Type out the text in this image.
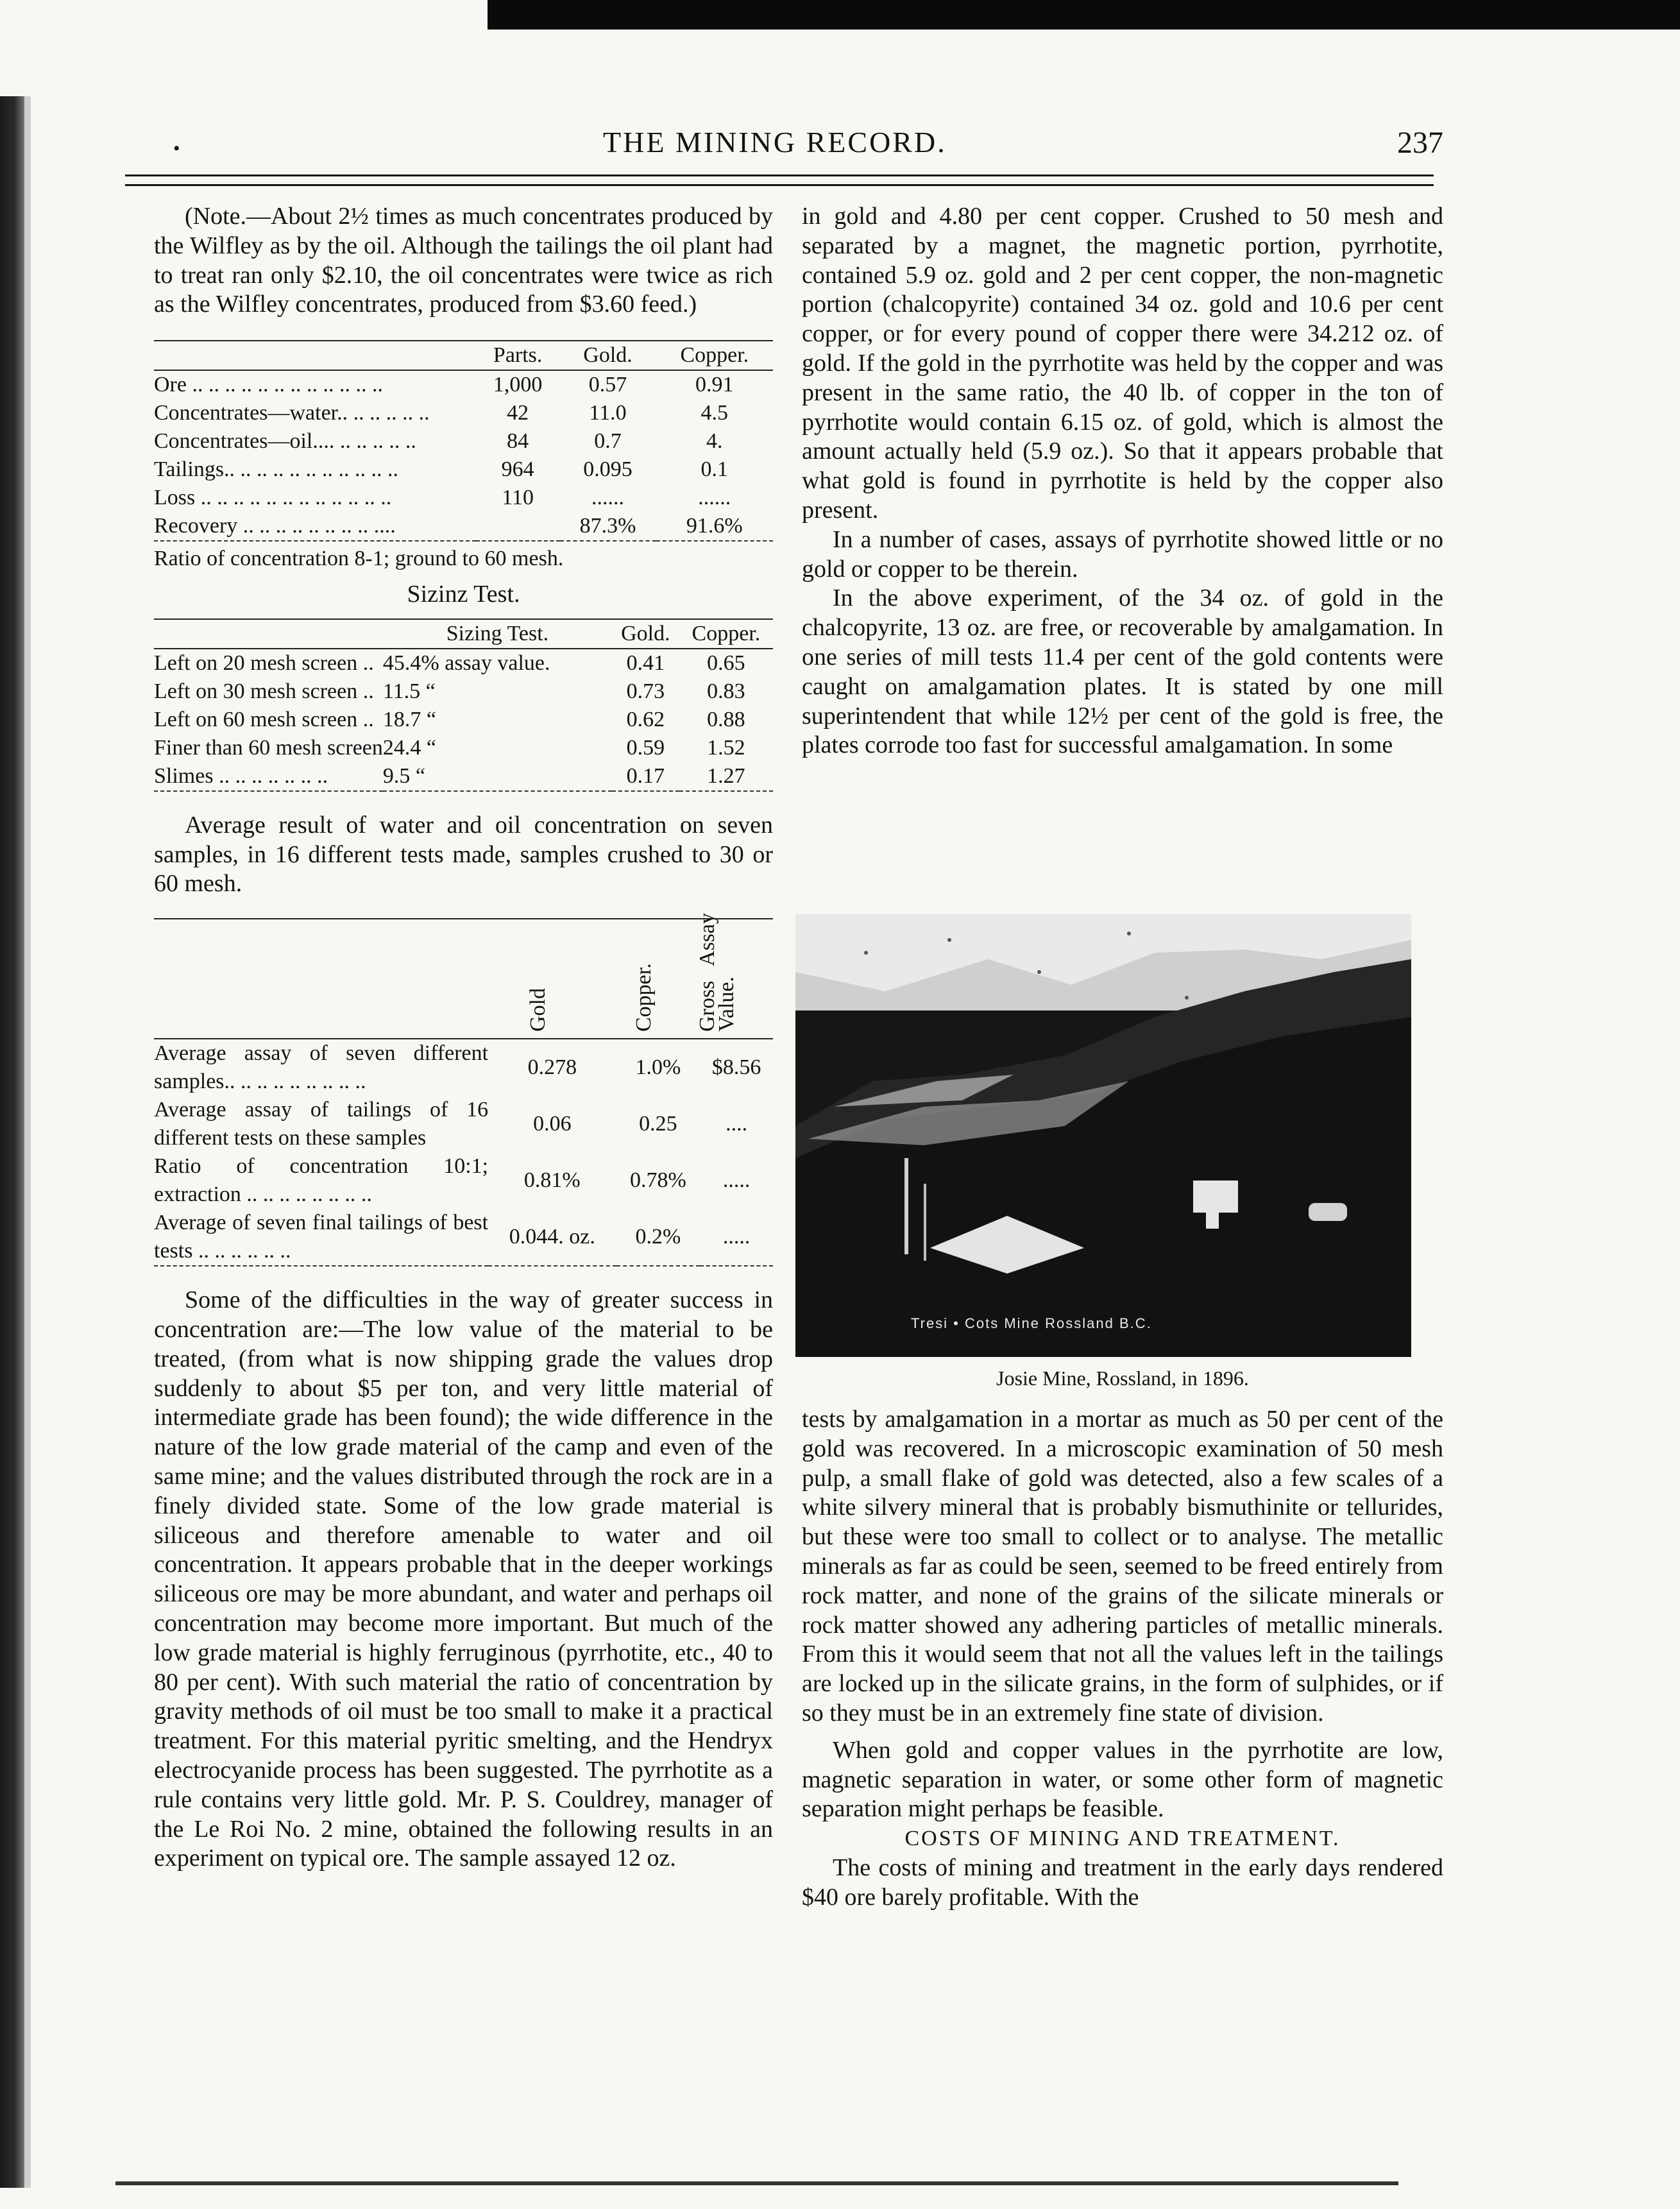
•	THE MINING RECORD.	237

(Note.—About 2½ times as much concentrates produced by the Wilfley as by the oil. Although the tailings the oil plant had to treat ran only $2.10, the oil concentrates were twice as rich as the Wilfley concentrates, produced from $3.60 feed.)

	Parts.	Gold.	Copper.
Ore .. .. .. .. .. .. .. .. .. .. .. ..	1,000	0.57	0.91
Concentrates—water.. .. .. .. .. ..	42	11.0	4.5
Concentrates—oil.... .. .. .. .. ..	84	0.7	4.
Tailings.. .. .. .. .. .. .. .. .. .. ..	964	0.095	0.1
Loss .. .. .. .. .. .. .. .. .. .. .. ..	110	......	......
Recovery .. .. .. .. .. .. .. .. ....		87.3%	91.6%

Ratio of concentration 8-1; ground to 60 mesh.

Sizinz Test.

	Sizing Test.	Gold.	Copper.
Left on 20 mesh screen ..	45.4% assay value.	0.41	0.65
Left on 30 mesh screen ..	11.5 “	0.73	0.83
Left on 60 mesh screen ..	18.7 “	0.62	0.88
Finer than 60 mesh screen	24.4 “	0.59	1.52
Slimes .. .. .. .. .. .. ..	9.5 “	0.17	1.27

Average result of water and oil concentration on seven samples, in 16 different tests made, samples crushed to 30 or 60 mesh.

	Gold	Copper.	Gross Assay Value.

Average assay of seven different samples.. .. .. .. .. .. .. .. ..	0.278	1.0%	$8.56
Average assay of tailings of 16 different tests on these samples	0.06	0.25	....
Ratio of concentration 10:1; extraction .. .. .. .. .. .. .. ..	0.81%	0.78%	.....
Average of seven final tailings of best tests .. .. .. .. .. ..	0.044. oz.	0.2%	.....

Some of the difficulties in the way of greater success in concentration are:—The low value of the material to be treated, (from what is now shipping grade the values drop suddenly to about $5 per ton, and very little material of intermediate grade has been found); the wide difference in the nature of the low grade material of the camp and even of the same mine; and the values distributed through the rock are in a finely divided state. Some of the low grade material is siliceous and therefore amenable to water and oil concentration. It appears probable that in the deeper workings siliceous ore may be more abundant, and water and perhaps oil concentration may become more important. But much of the low grade material is highly ferruginous (pyrrhotite, etc., 40 to 80 per cent). With such material the ratio of concentration by gravity methods of oil must be too small to make it a practical treatment. For this material pyritic smelting, and the Hendryx electrocyanide process has been suggested. The pyrrhotite as a rule contains very little gold. Mr. P. S. Couldrey, manager of the Le Roi No. 2 mine, obtained the following results in an experiment on typical ore. The sample assayed 12 oz.

in gold and 4.80 per cent copper. Crushed to 50 mesh and separated by a magnet, the magnetic portion, pyrrhotite, contained 5.9 oz. gold and 2 per cent copper, the non-magnetic portion (chalcopyrite) contained 34 oz. gold and 10.6 per cent copper, or for every pound of copper there were 34.212 oz. of gold. If the gold in the pyrrhotite was held by the copper and was present in the same ratio, the 40 lb. of copper in the ton of pyrrhotite would contain 6.15 oz. of gold, which is almost the amount actually held (5.9 oz.). So that it appears probable that what gold is found in pyrrhotite is held by the copper also present.

In a number of cases, assays of pyrrhotite showed little or no gold or copper to be therein.

In the above experiment, of the 34 oz. of gold in the chalcopyrite, 13 oz. are free, or recoverable by amalgamation. In one series of mill tests 11.4 per cent of the gold contents were caught on amalgamation plates. It is stated by one mill superintendent that while 12½ per cent of the gold is free, the plates corrode too fast for successful amalgamation. In some

Tresi • Cots Mine Rossland B.C.
Josie Mine, Rossland, in 1896.

tests by amalgamation in a mortar as much as 50 per cent of the gold was recovered. In a microscopic examination of 50 mesh pulp, a small flake of gold was detected, also a few scales of a white silvery mineral that is probably bismuthinite or tellurides, but these were too small to collect or to analyse. The metallic minerals as far as could be seen, seemed to be freed entirely from rock matter, and none of the grains of the silicate minerals or rock matter showed any adhering particles of metallic minerals. From this it would seem that not all the values left in the tailings are locked up in the silicate grains, in the form of sulphides, or if so they must be in an extremely fine state of division.

When gold and copper values in the pyrrhotite are low, magnetic separation in water, or some other form of magnetic separation might perhaps be feasible.

COSTS OF MINING AND TREATMENT.

The costs of mining and treatment in the early days rendered $40 ore barely profitable. With the
